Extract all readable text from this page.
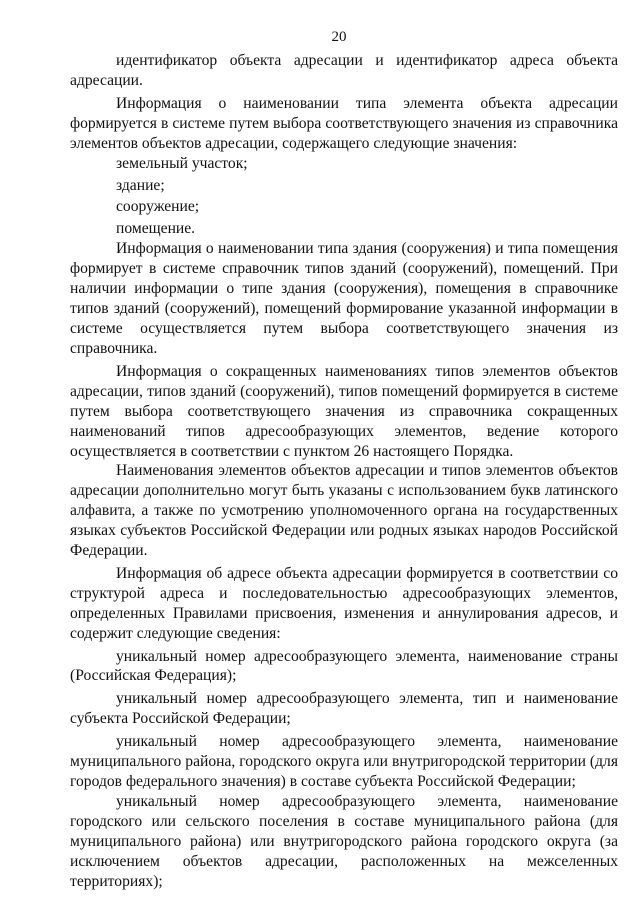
20

идентификатор объекта адресации и идентификатор адреса объекта адресации.

Информация о наименовании типа элемента объекта адресации формируется в системе путем выбора соответствующего значения из справочника элементов объектов адресации, содержащего следующие значения:

земельный участок;

здание;

сооружение;

помещение.

Информация о наименовании типа здания (сооружения) и типа помещения формирует в системе справочник типов зданий (сооружений), помещений. При наличии информации о типе здания (сооружения), помещения в справочнике типов зданий (сооружений), помещений формирование указанной информации в системе осуществляется путем выбора соответствующего значения из справочника.

Информация о сокращенных наименованиях типов элементов объектов адресации, типов зданий (сооружений), типов помещений формируется в системе путем выбора соответствующего значения из справочника сокращенных наименований типов адресообразующих элементов, ведение которого осуществляется в соответствии с пунктом 26 настоящего Порядка.

Наименования элементов объектов адресации и типов элементов объектов адресации дополнительно могут быть указаны с использованием букв латинского алфавита, а также по усмотрению уполномоченного органа на государственных языках субъектов Российской Федерации или родных языках народов Российской Федерации.

Информация об адресе объекта адресации формируется в соответствии со структурой адреса и последовательностью адресообразующих элементов, определенных Правилами присвоения, изменения и аннулирования адресов, и содержит следующие сведения:

уникальный номер адресообразующего элемента, наименование страны (Российская Федерация);

уникальный номер адресообразующего элемента, тип и наименование субъекта Российской Федерации;

уникальный номер адресообразующего элемента, наименование муниципального района, городского округа или внутригородской территории (для городов федерального значения) в составе субъекта Российской Федерации;

уникальный номер адресообразующего элемента, наименование городского или сельского поселения в составе муниципального района (для муниципального района) или внутригородского района городского округа (за исключением объектов адресации, расположенных на межселенных территориях);
